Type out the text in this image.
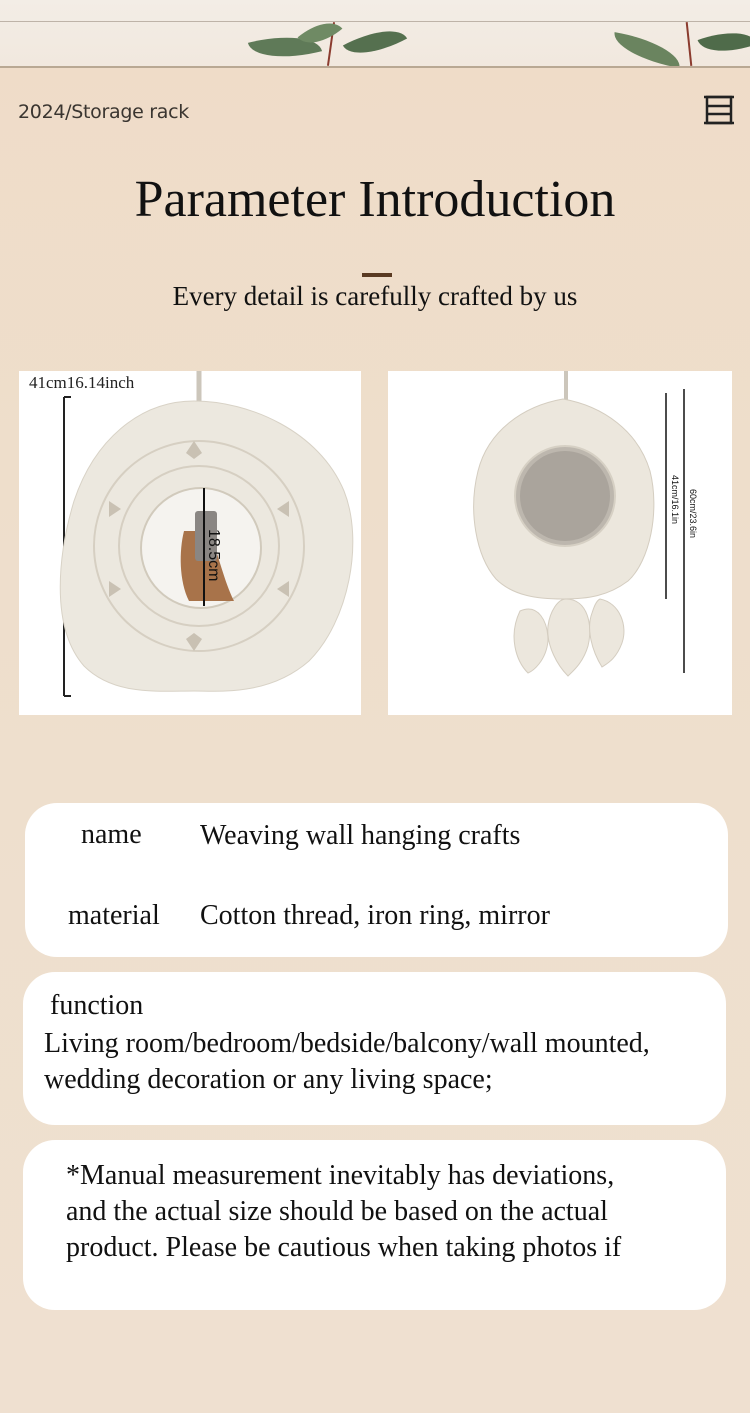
2024/Storage rack
Parameter Introduction
Every detail is carefully crafted by us
18.5cm
41cm16.14inch
41cm/16.1in 60cm/23.6in
name Weaving wall hanging crafts
material Cotton thread, iron ring, mirror
function
Living room/bedroom/bedside/balcony/wall mounted,
wedding decoration or any living space;
*Manual measurement inevitably has deviations,
and the actual size should be based on the actual
product. Please be cautious when taking photos if
